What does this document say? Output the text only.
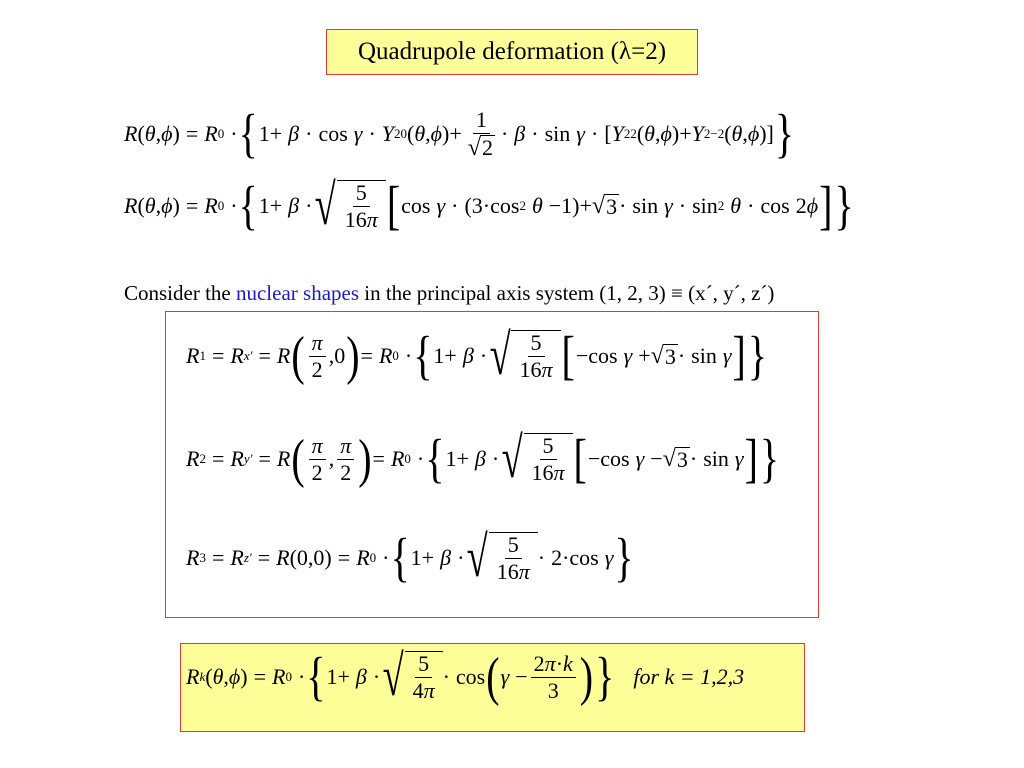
Quadrupole deformation (λ=2)
R ( θ , ϕ ) = R 0 · { 1+ β · cos γ · Y 20 ( θ , ϕ )+ $\frac{1}{√ 2} \cdot \beta \cdot \sin \gamma$ · [ Y 22 ( θ , ϕ )+ Y 2−2 ( θ , ϕ )] }
R ( θ , ϕ ) = R 0 · { 1+ β · √ $\frac{5}{16\pi}$ [ cos γ · (3·cos 2 θ −1)+ √ 3 · sin γ · sin 2 θ · cos 2 ϕ ] }
Consider the nuclear shapes in the principal axis system (1, 2, 3) ≡ (x´, y´, z´)
R 1 = R x′ = R ( $\frac{\pi}{2} ,0$ ) = R 0 · { 1+ β · √ $\frac{5}{16\pi}$ [ −cos γ + √ 3 · sin γ ] }
R 2 = R y′ = R ( $\frac{\pi}{2}$ , $\frac{\pi}{2}$ ) = R 0 · { 1+ β · √ $\frac{5}{16\pi}$ [ −cos γ − √ 3 · sin γ ] }
R 3 = R z′ = R (0,0) = R 0 · { 1+ β · √ $\frac{5}{16\pi} \cdot 2\cdot\cos$ γ }
R k ( θ , ϕ ) = R 0 · { 1+ β · √ $\frac{5}{4\pi} \cdot \cos$ ( $\gamma - \frac{2\pi\cdot k}{3}$ ) } for k = 1,2,3
